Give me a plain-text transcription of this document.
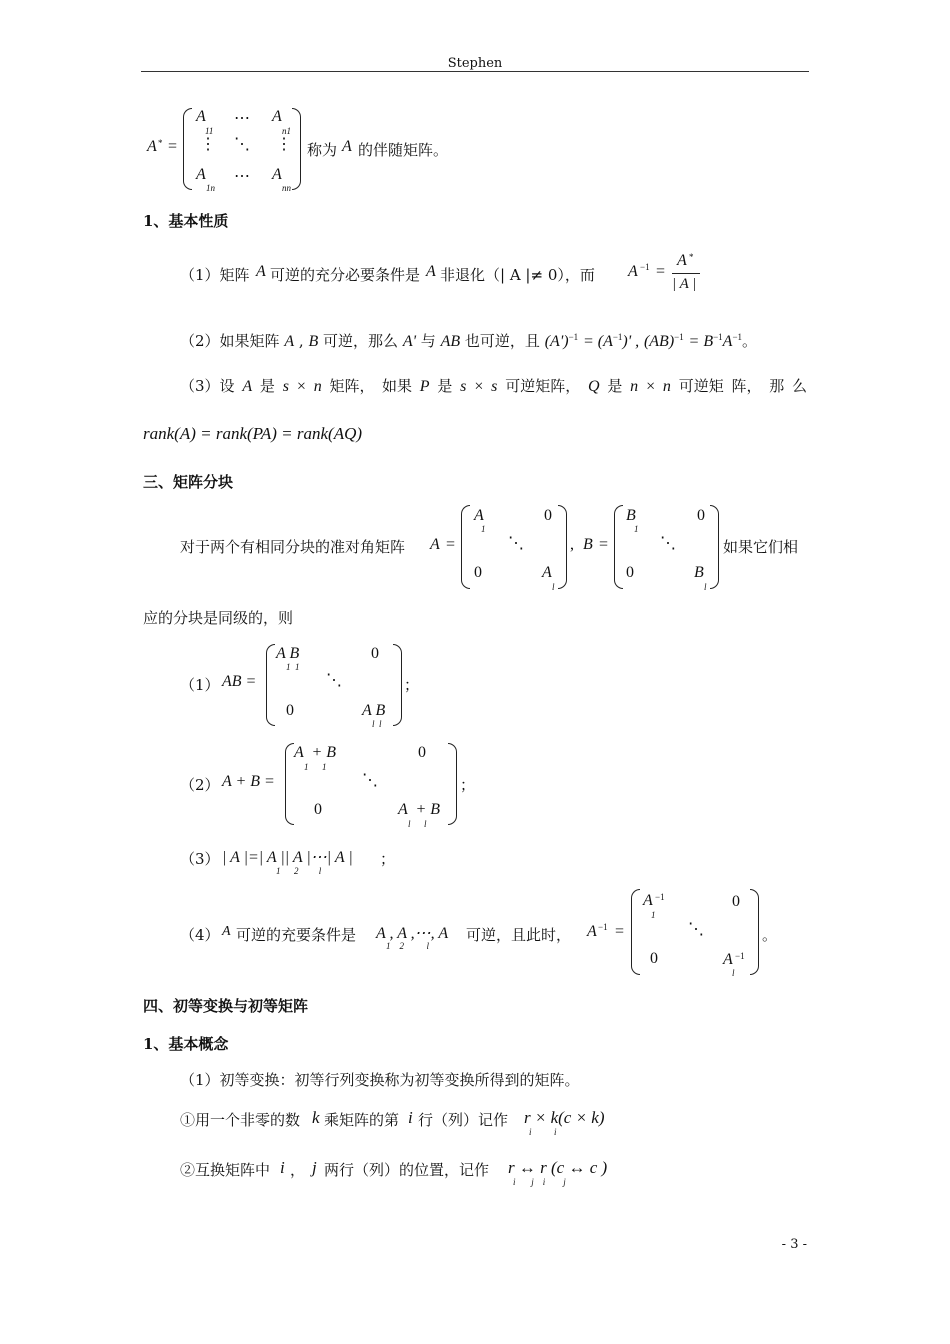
Stephen
A * =
A
11
⋯ A
n1
⋮ ⋱ ⋮
A
1n
⋯ A
nn
称为 A 的伴随矩阵。
1、基本性质
（1）矩阵 A 可逆的充分必要条件是 A 非退化（| A |≠ 0），而 A −1 =
A *
| A |
（2）如果矩阵 A , B 可逆，那么 A' 与 AB 也可逆，且 $(A')^{-1} = (A^{-1})'$ , $(AB)^{-1} = B^{-1}A^{-1}$。
（3）设 A 是 s × n 矩阵，　如果 P 是 s × s 可逆矩阵， Q 是 n × n 可逆矩 阵， 那 么
rank(A) = rank(PA) = rank(AQ)
三、矩阵分块
对于两个有相同分块的准对角矩阵 A =
A
1
0
⋱
0	A
l
, B =
B
1
0
⋱
0	B
l
如果它们相
应的分块是同级的，则
（1） AB =
A B
1  1
0
⋱
0	A B
l  l
；
（2） A + B =
A  + B
1      1
0
⋱
0	A  + B
l      l
；
（3） | A |=| A || A |⋯| A |
1      2         l
；
（4） A 可逆的充要条件是 A , A ,⋯, A
1    2          l
可逆，且此时， A −1 =
A −1
1
0
⋱
0	A −1
l
。
四、初等变换与初等矩阵
1、基本概念
（1）初等变换：初等行列变换称为初等变换所得到的矩阵。
①用一个非零的数 k 乘矩阵的第 i 行（列）记作 r × k(c × k)
i          i
②互换矩阵中 i ， j 两行（列）的位置，记作 r ↔ r (c ↔ c )
i       j    i        j
- 3 -
